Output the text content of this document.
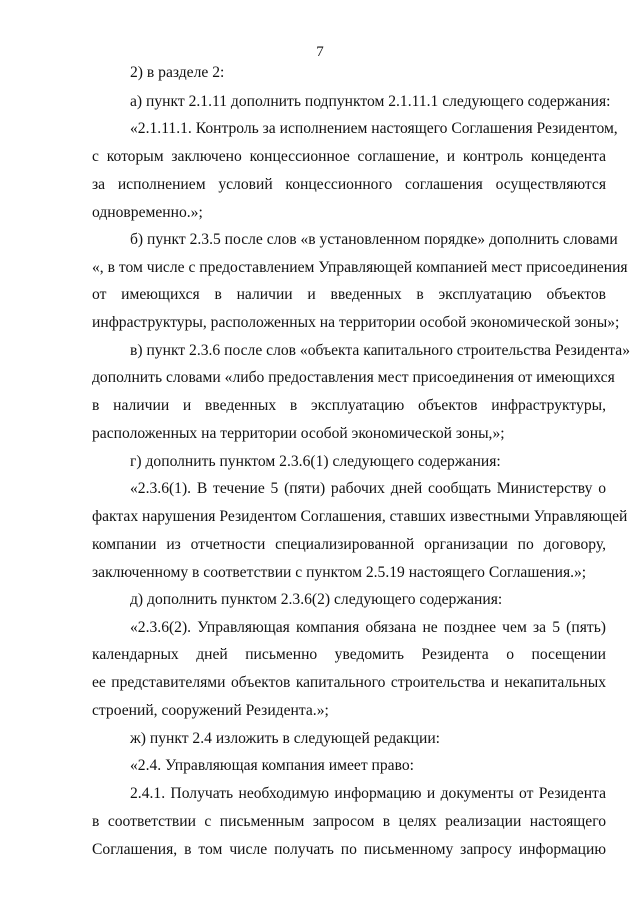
7
2) в разделе 2:
а) пункт 2.1.11 дополнить подпунктом 2.1.11.1 следующего содержания:
«2.1.11.1. Контроль за исполнением настоящего Соглашения Резидентом,
с которым заключено концессионное соглашение, и контроль концедента
за исполнением условий концессионного соглашения осуществляются
одновременно.»;
б) пункт 2.3.5 после слов «в установленном порядке» дополнить словами
«, в том числе с предоставлением Управляющей компанией мест присоединения
от имеющихся в наличии и введенных в эксплуатацию объектов
инфраструктуры, расположенных на территории особой экономической зоны»;
в) пункт 2.3.6 после слов «объекта капитального строительства Резидента»
дополнить словами «либо предоставления мест присоединения от имеющихся
в наличии и введенных в эксплуатацию объектов инфраструктуры,
расположенных на территории особой экономической зоны,»;
г) дополнить пунктом 2.3.6(1) следующего содержания:
«2.3.6(1). В течение 5 (пяти) рабочих дней сообщать Министерству о
фактах нарушения Резидентом Соглашения, ставших известными Управляющей
компании из отчетности специализированной организации по договору,
заключенному в соответствии с пунктом 2.5.19 настоящего Соглашения.»;
д) дополнить пунктом 2.3.6(2) следующего содержания:
«2.3.6(2). Управляющая компания обязана не позднее чем за 5 (пять)
календарных дней письменно уведомить Резидента о посещении
ее представителями объектов капитального строительства и некапитальных
строений, сооружений Резидента.»;
ж) пункт 2.4 изложить в следующей редакции:
«2.4. Управляющая компания имеет право:
2.4.1. Получать необходимую информацию и документы от Резидента
в соответствии с письменным запросом в целях реализации настоящего
Соглашения, в том числе получать по письменному запросу информацию
